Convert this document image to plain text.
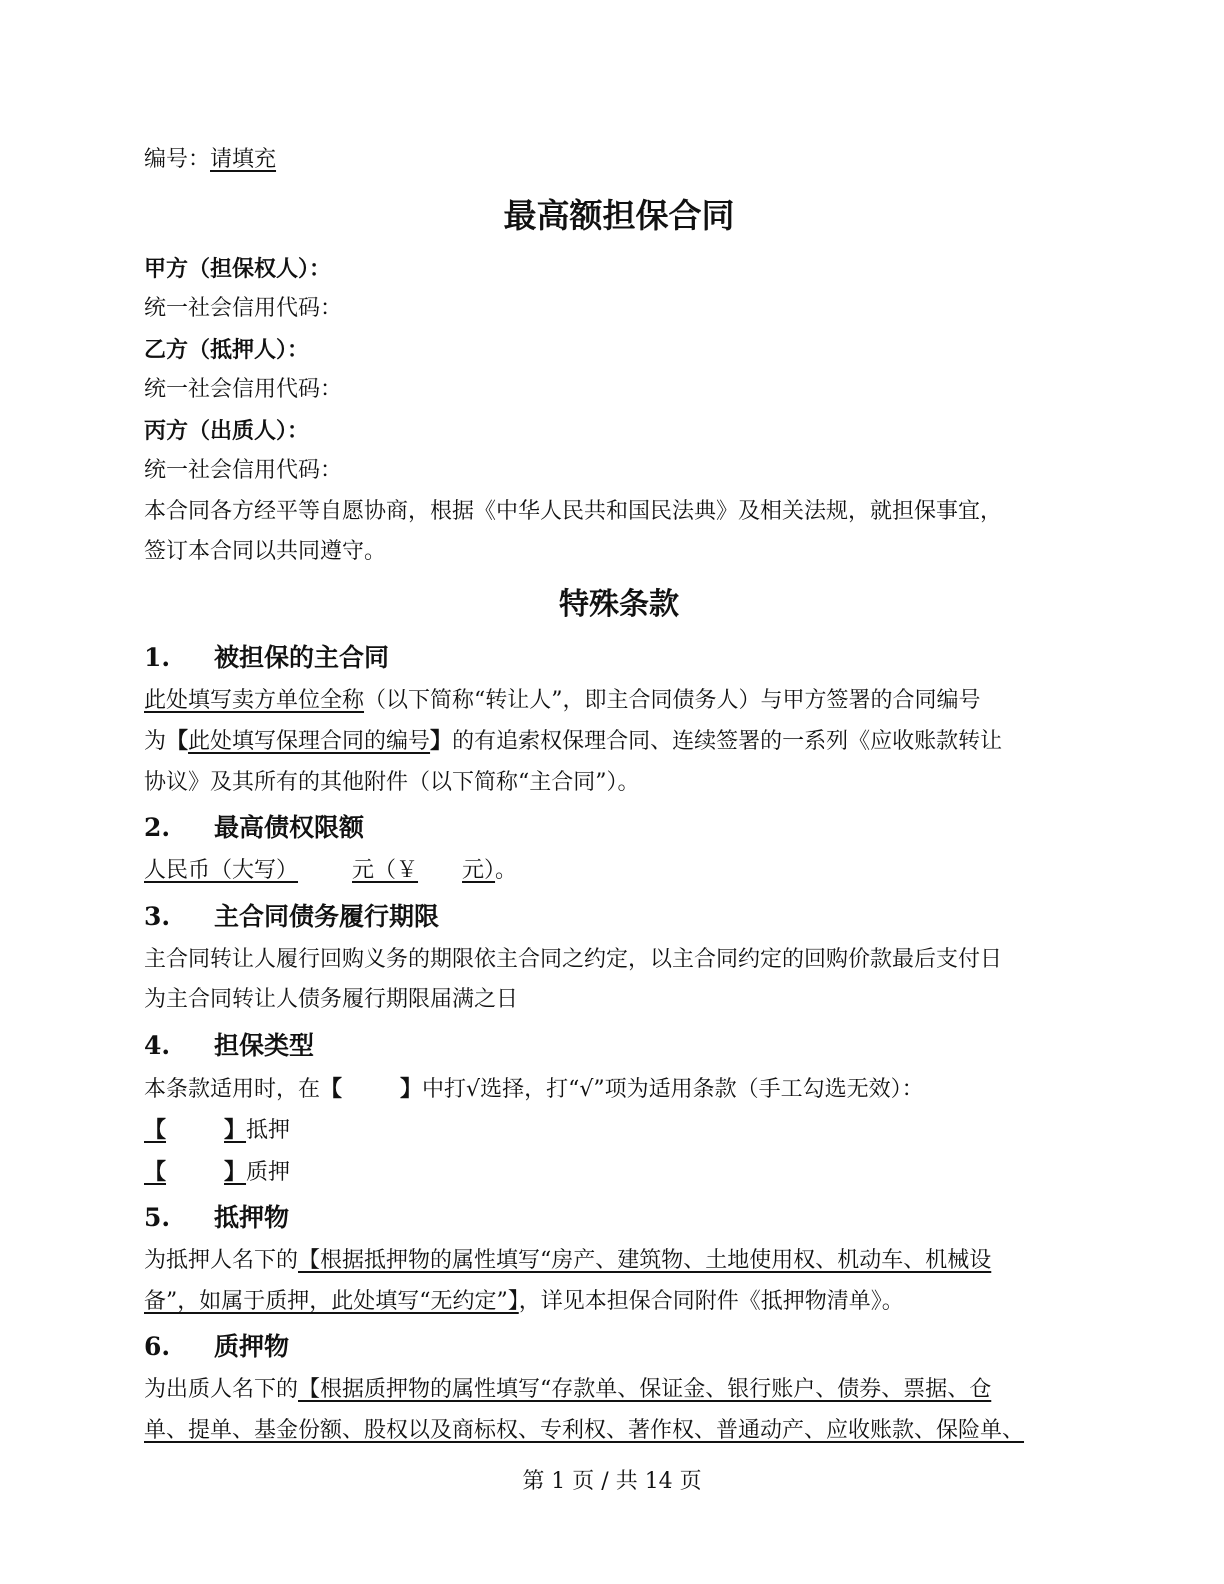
编号：请填充
最高额担保合同
甲方（担保权人）：
统一社会信用代码：
乙方（抵押人）：
统一社会信用代码：
丙方（出质人）：
统一社会信用代码：
本合同各方经平等自愿协商，根据《中华人民共和国民法典》及相关法规，就担保事宜，
签订本合同以共同遵守。
特殊条款
1. 被担保的主合同
此处填写卖方单位全称（以下简称“转让人”，即主合同债务人）与甲方签署的合同编号
为【此处填写保理合同的编号】的有追索权保理合同、连续签署的一系列《应收账款转让
协议》及其所有的其他附件（以下简称“主合同”）。
2. 最高债权限额
人民币（大写） 元（￥ 元）。
3. 主合同债务履行期限
主合同转让人履行回购义务的期限依主合同之约定，以主合同约定的回购价款最后支付日
为主合同转让人债务履行期限届满之日
4. 担保类型
本条款适用时，在【	】中打√选择，打“√”项为适用条款（手工勾选无效）：
【	】抵押
【	】质押
5. 抵押物
为抵押人名下的【根据抵押物的属性填写“房产、建筑物、土地使用权、机动车、机械设
备”，如属于质押，此处填写“无约定”】，详见本担保合同附件《抵押物清单》。
6. 质押物
为出质人名下的【根据质押物的属性填写“存款单、保证金、银行账户、债券、票据、仓
单、提单、基金份额、股权以及商标权、专利权、著作权、普通动产、应收账款、保险单、
第 1 页 / 共 14 页
